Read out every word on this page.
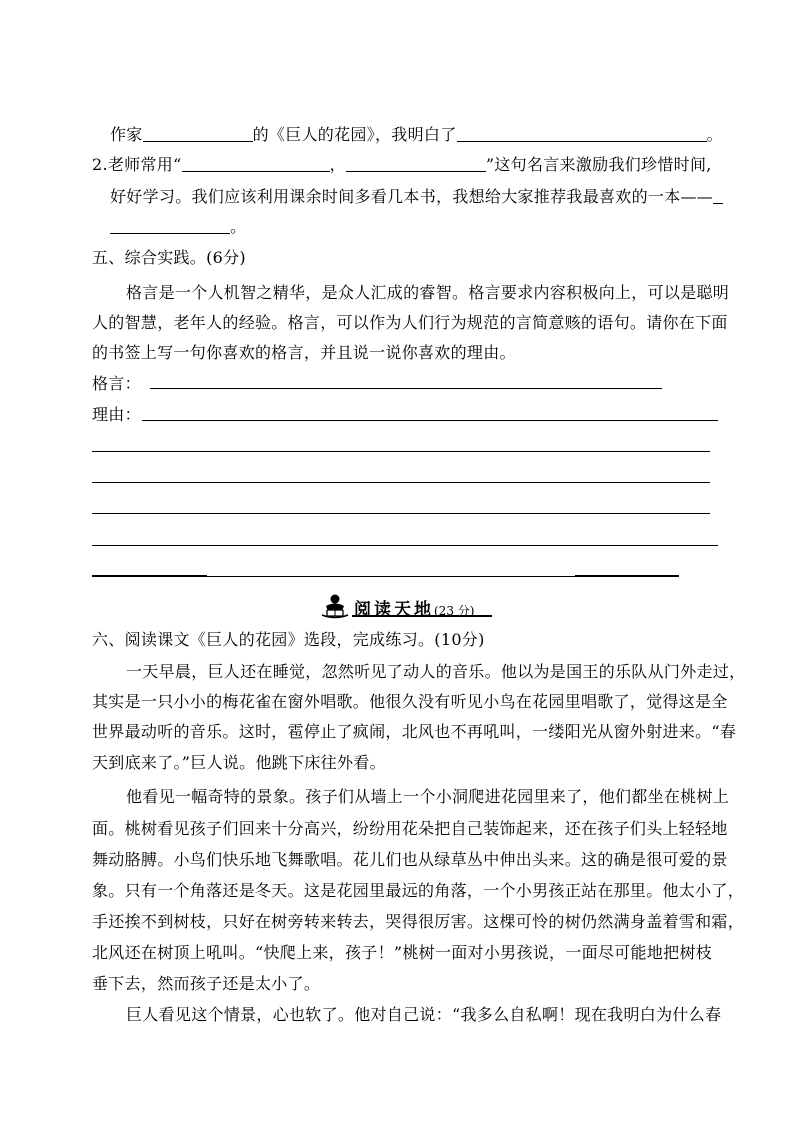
作家	的《巨人的花园》，我明白了	。
2.老师常用“	，	”这句名言来激励我们珍惜时间,
好好学习。我们应该利用课余时间多看几本书，我想给大家推荐我最喜欢的一本——
。
五、综合实践。(6分)
格言是一个人机智之精华，是众人汇成的睿智。格言要求内容积极向上，可以是聪明
人的智慧，老年人的经验。格言，可以作为人们行为规范的言简意赅的语句。请你在下面
的书签上写一句你喜欢的格言，并且说一说你喜欢的理由。
格言：
理由：
阅读天地(23 分)
六、阅读课文《巨人的花园》选段，完成练习。(10分)
一天早晨，巨人还在睡觉，忽然听见了动人的音乐。他以为是国王的乐队从门外走过，
其实是一只小小的梅花雀在窗外唱歌。他很久没有听见小鸟在花园里唱歌了，觉得这是全
世界最动听的音乐。这时，雹停止了疯闹，北风也不再吼叫，一缕阳光从窗外射进来。“春
天到底来了。”巨人说。他跳下床往外看。
他看见一幅奇特的景象。孩子们从墙上一个小洞爬进花园里来了，他们都坐在桃树上
面。桃树看见孩子们回来十分高兴，纷纷用花朵把自己装饰起来，还在孩子们头上轻轻地
舞动胳膊。小鸟们快乐地飞舞歌唱。花儿们也从绿草丛中伸出头来。这的确是很可爱的景
象。只有一个角落还是冬天。这是花园里最远的角落，一个小男孩正站在那里。他太小了，
手还挨不到树枝，只好在树旁转来转去，哭得很厉害。这棵可怜的树仍然满身盖着雪和霜，
北风还在树顶上吼叫。“快爬上来，孩子！”桃树一面对小男孩说，一面尽可能地把树枝
垂下去，然而孩子还是太小了。
巨人看见这个情景，心也软了。他对自己说：“我多么自私啊！现在我明白为什么春
